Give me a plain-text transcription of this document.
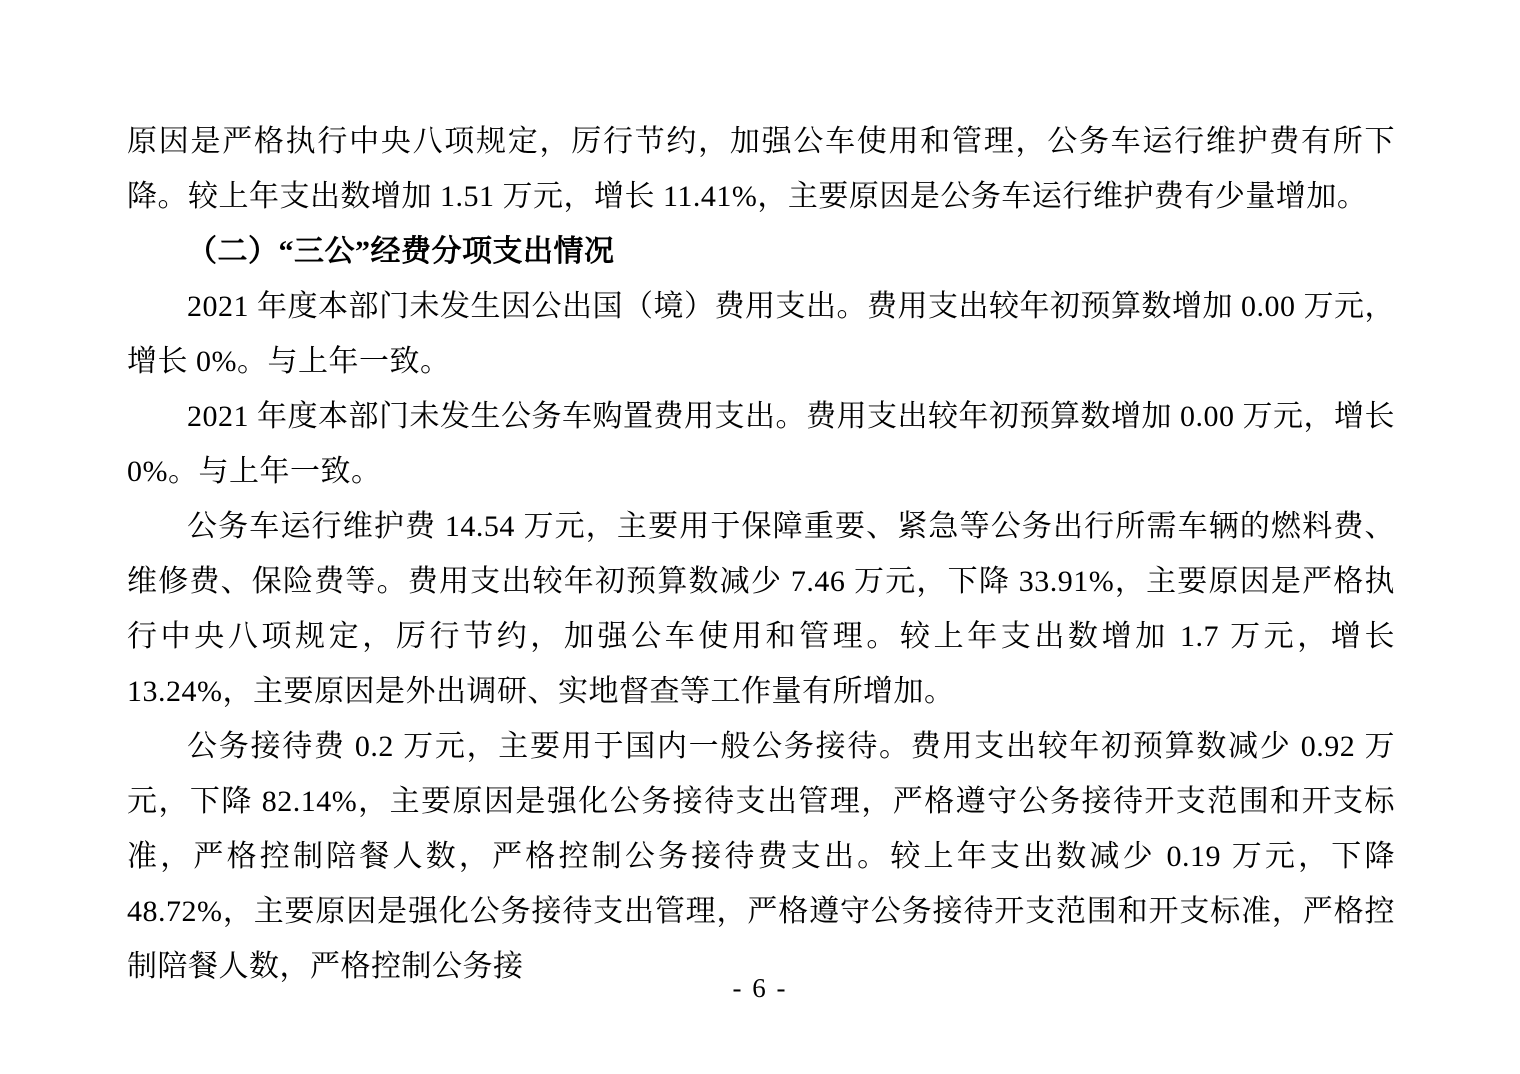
原因是严格执行中央八项规定，厉行节约，加强公车使用和管理，公务车运行维护费有所下降。较上年支出数增加 1.51 万元，增长 11.41%，主要原因是公务车运行维护费有少量增加。

（二）“三公”经费分项支出情况

2021 年度本部门未发生因公出国（境）费用支出。费用支出较年初预算数增加 0.00 万元，增长 0%。与上年一致。

2021 年度本部门未发生公务车购置费用支出。费用支出较年初预算数增加 0.00 万元，增长 0%。与上年一致。

公务车运行维护费 14.54 万元，主要用于保障重要、紧急等公务出行所需车辆的燃料费、维修费、保险费等。费用支出较年初预算数减少 7.46 万元，下降 33.91%，主要原因是严格执行中央八项规定，厉行节约，加强公车使用和管理。较上年支出数增加 1.7 万元，增长 13.24%，主要原因是外出调研、实地督查等工作量有所增加。

公务接待费 0.2 万元，主要用于国内一般公务接待。费用支出较年初预算数减少 0.92 万元，下降 82.14%，主要原因是强化公务接待支出管理，严格遵守公务接待开支范围和开支标准，严格控制陪餐人数，严格控制公务接待费支出。较上年支出数减少 0.19 万元，下降 48.72%，主要原因是强化公务接待支出管理，严格遵守公务接待开支范围和开支标准，严格控制陪餐人数，严格控制公务接

- 6 -
